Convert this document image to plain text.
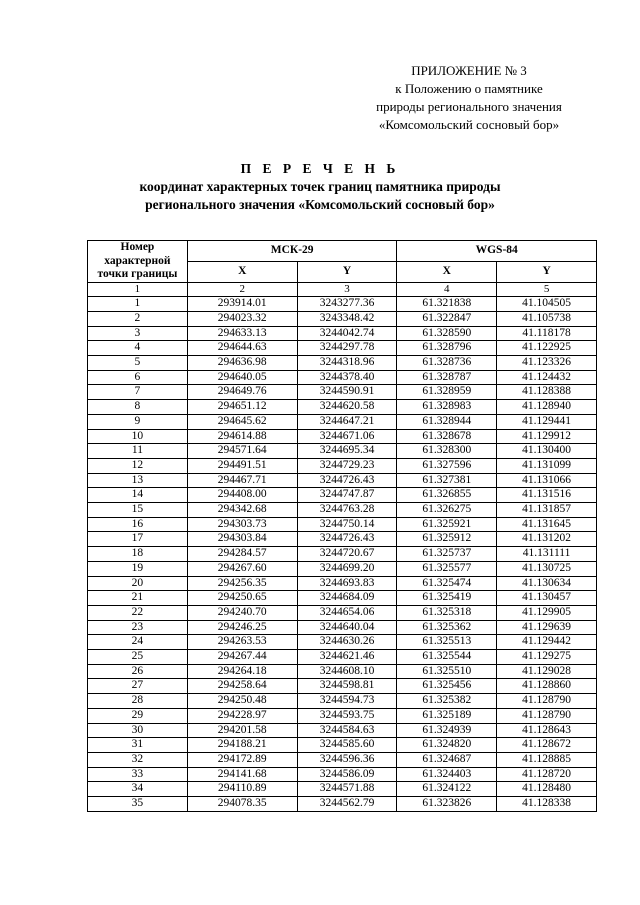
ПРИЛОЖЕНИЕ № 3
к Положению о памятнике
природы регионального значения
«Комсомольский сосновый бор»
П Е Р Е Ч Е Н Ь
координат характерных точек границ памятника природы
регионального значения «Комсомольский сосновый бор»
Номер характерной точки границы	МСК-29		WGS-84	
	X	Y	X	Y
1	2	3	4	5
1	293914.01	3243277.36	61.321838	41.104505
2	294023.32	3243348.42	61.322847	41.105738
3	294633.13	3244042.74	61.328590	41.118178
4	294644.63	3244297.78	61.328796	41.122925
5	294636.98	3244318.96	61.328736	41.123326
6	294640.05	3244378.40	61.328787	41.124432
7	294649.76	3244590.91	61.328959	41.128388
8	294651.12	3244620.58	61.328983	41.128940
9	294645.62	3244647.21	61.328944	41.129441
10	294614.88	3244671.06	61.328678	41.129912
11	294571.64	3244695.34	61.328300	41.130400
12	294491.51	3244729.23	61.327596	41.131099
13	294467.71	3244726.43	61.327381	41.131066
14	294408.00	3244747.87	61.326855	41.131516
15	294342.68	3244763.28	61.326275	41.131857
16	294303.73	3244750.14	61.325921	41.131645
17	294303.84	3244726.43	61.325912	41.131202
18	294284.57	3244720.67	61.325737	41.131111
19	294267.60	3244699.20	61.325577	41.130725
20	294256.35	3244693.83	61.325474	41.130634
21	294250.65	3244684.09	61.325419	41.130457
22	294240.70	3244654.06	61.325318	41.129905
23	294246.25	3244640.04	61.325362	41.129639
24	294263.53	3244630.26	61.325513	41.129442
25	294267.44	3244621.46	61.325544	41.129275
26	294264.18	3244608.10	61.325510	41.129028
27	294258.64	3244598.81	61.325456	41.128860
28	294250.48	3244594.73	61.325382	41.128790
29	294228.97	3244593.75	61.325189	41.128790
30	294201.58	3244584.63	61.324939	41.128643
31	294188.21	3244585.60	61.324820	41.128672
32	294172.89	3244596.36	61.324687	41.128885
33	294141.68	3244586.09	61.324403	41.128720
34	294110.89	3244571.88	61.324122	41.128480
35	294078.35	3244562.79	61.323826	41.128338
